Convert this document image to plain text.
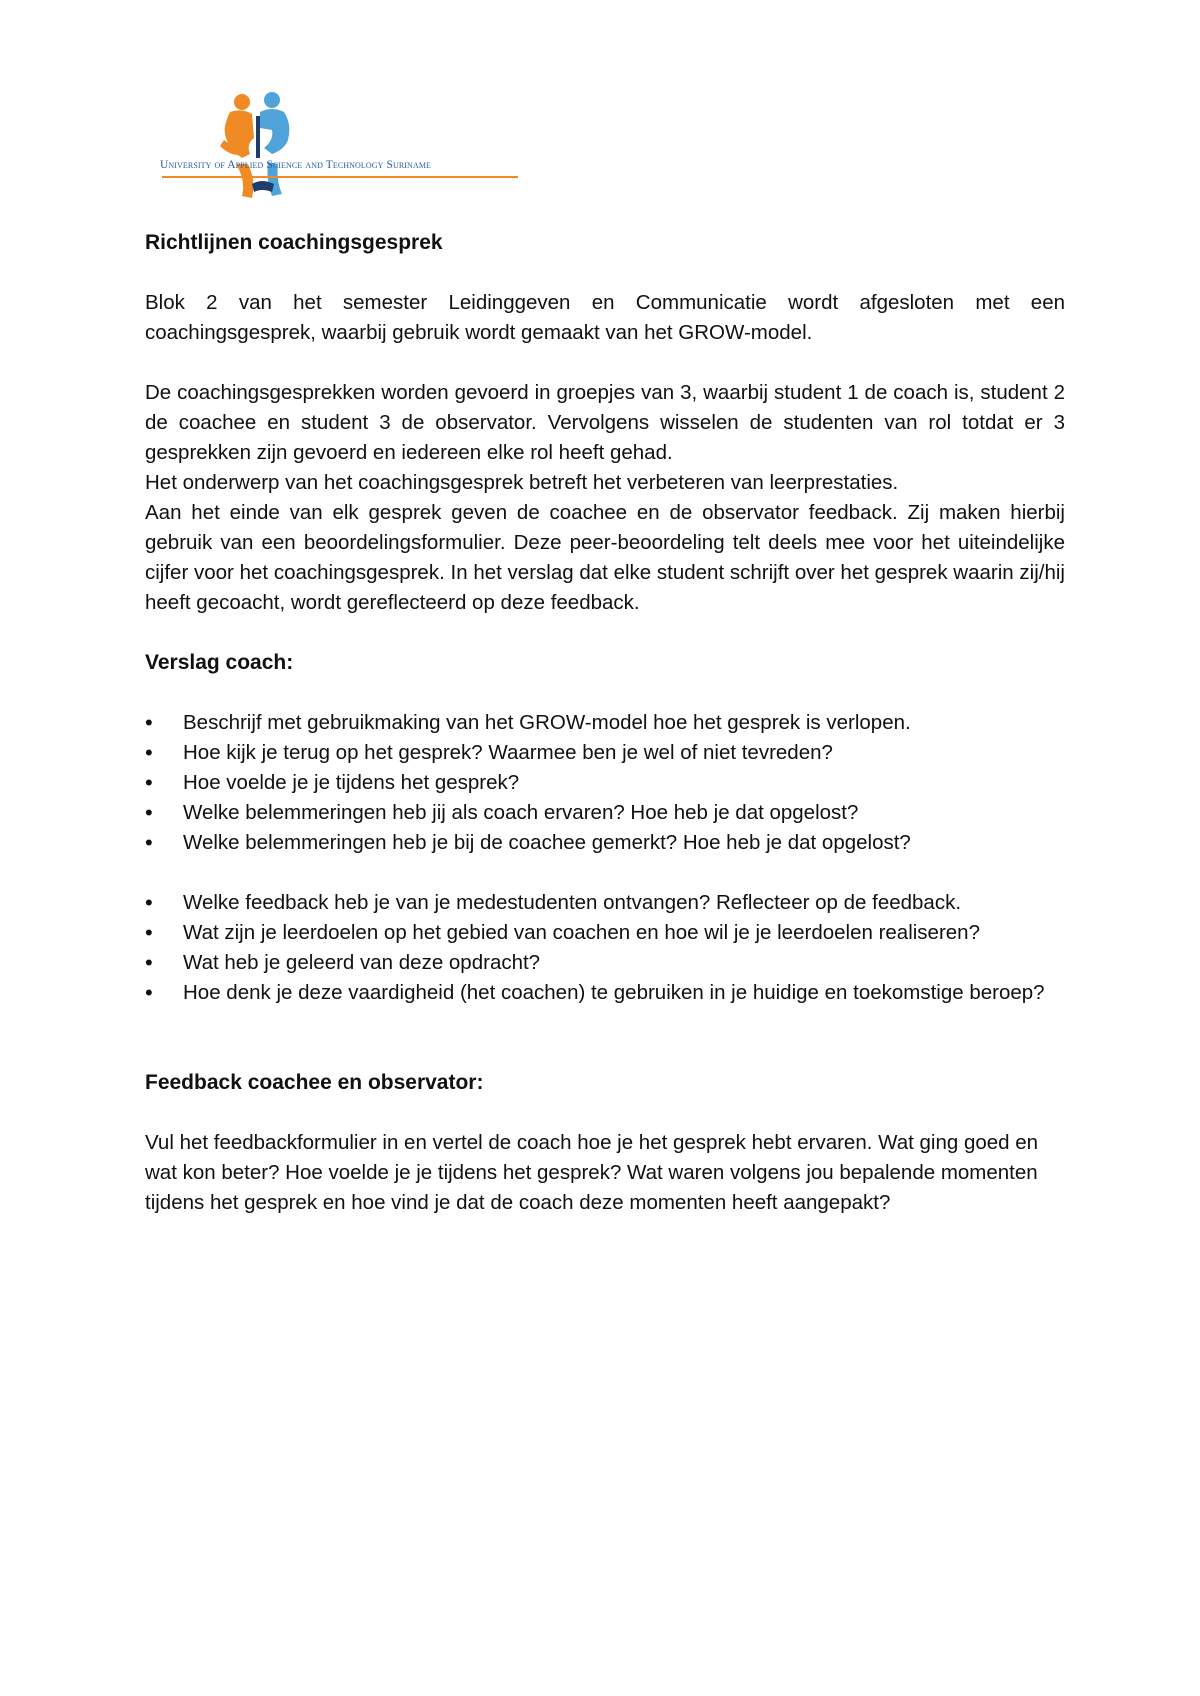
University of Applied Science and Technology Suriname
Richtlijnen coachingsgesprek

Blok 2 van het semester Leidinggeven en Communicatie wordt afgesloten met een coachingsgesprek, waarbij gebruik wordt gemaakt van het GROW-model.

De coachingsgesprekken worden gevoerd in groepjes van 3, waarbij student 1 de coach is, student 2 de coachee en student 3 de observator. Vervolgens wisselen de studenten van rol totdat er 3 gesprekken zijn gevoerd en iedereen elke rol heeft gehad.

Het onderwerp van het coachingsgesprek betreft het verbeteren van leerprestaties.

Aan het einde van elk gesprek geven de coachee en de observator feedback. Zij maken hierbij gebruik van een beoordelingsformulier. Deze peer-beoordeling telt deels mee voor het uiteindelijke cijfer voor het coachingsgesprek. In het verslag dat elke student schrijft over het gesprek waarin zij/hij heeft gecoacht, wordt gereflecteerd op deze feedback.

Verslag coach:
• Beschrijf met gebruikmaking van het GROW-model hoe het gesprek is verlopen.
• Hoe kijk je terug op het gesprek? Waarmee ben je wel of niet tevreden?
• Hoe voelde je je tijdens het gesprek?
• Welke belemmeringen heb jij als coach ervaren? Hoe heb je dat opgelost?
• Welke belemmeringen heb je bij de coachee gemerkt? Hoe heb je dat opgelost?
• Welke feedback heb je van je medestudenten ontvangen? Reflecteer op de feedback.
• Wat zijn je leerdoelen op het gebied van coachen en hoe wil je je leerdoelen realiseren?
• Wat heb je geleerd van deze opdracht?
• Hoe denk je deze vaardigheid (het coachen) te gebruiken in je huidige en toekomstige beroep?
Feedback coachee en observator:

Vul het feedbackformulier in en vertel de coach hoe je het gesprek hebt ervaren. Wat ging goed en wat kon beter? Hoe voelde je je tijdens het gesprek? Wat waren volgens jou bepalende momenten tijdens het gesprek en hoe vind je dat de coach deze momenten heeft aangepakt?
